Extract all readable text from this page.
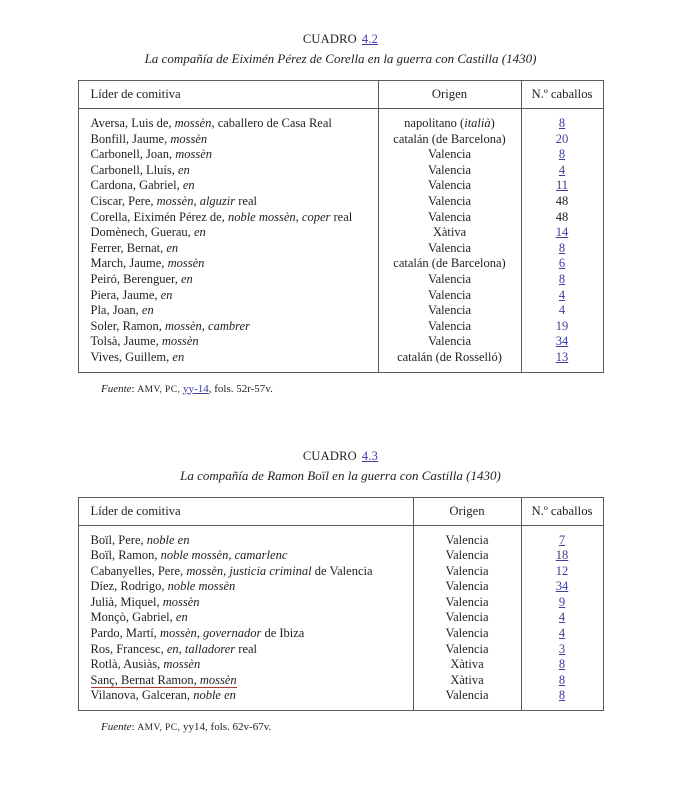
CUADRO 4.2
La compañía de Eiximén Pérez de Corella en la guerra con Castilla (1430)
Líder de comitiva	Origen	N.º caballos
Aversa, Luis de, mossèn, caballero de Casa Real	napolitano (italià)	8
Bonfill, Jaume, mossèn	catalán (de Barcelona)	20
Carbonell, Joan, mossèn	Valencia	8
Carbonell, Lluís, en	Valencia	4
Cardona, Gabriel, en	Valencia	11
Ciscar, Pere, mossèn, alguzir real	Valencia	48
Corella, Eiximén Pérez de, noble mossèn, coper real	Valencia	48
Domènech, Guerau, en	Xàtiva	14
Ferrer, Bernat, en	Valencia	8
March, Jaume, mossèn	catalán (de Barcelona)	6
Peiró, Berenguer, en	Valencia	8
Piera, Jaume, en	Valencia	4
Pla, Joan, en	Valencia	4
Soler, Ramon, mossèn, cambrer	Valencia	19
Tolsà, Jaume, mossèn	Valencia	34
Vives, Guillem, en	catalán (de Rosselló)	13

Fuente: AMV, PC, yy-14, fols. 52r-57v.

CUADRO 4.3
La compañía de Ramon Boïl en la guerra con Castilla (1430)
Líder de comitiva	Origen	N.º caballos
Boïl, Pere, noble en	Valencia	7
Boïl, Ramon, noble mossèn, camarlenc	Valencia	18
Cabanyelles, Pere, mossèn, justicia criminal de Valencia	Valencia	12
Díez, Rodrigo, noble mossèn	Valencia	34
Julià, Miquel, mossèn	Valencia	9
Monçò, Gabriel, en	Valencia	4
Pardo, Martí, mossèn, governador de Ibiza	Valencia	4
Ros, Francesc, en, talladorer real	Valencia	3
Rotlà, Ausiàs, mossèn	Xàtiva	8
Sanç, Bernat Ramon, mossèn	Xàtiva	8
Vilanova, Galceran, noble en	Valencia	8

Fuente: AMV, PC, yy14, fols. 62v-67v.
